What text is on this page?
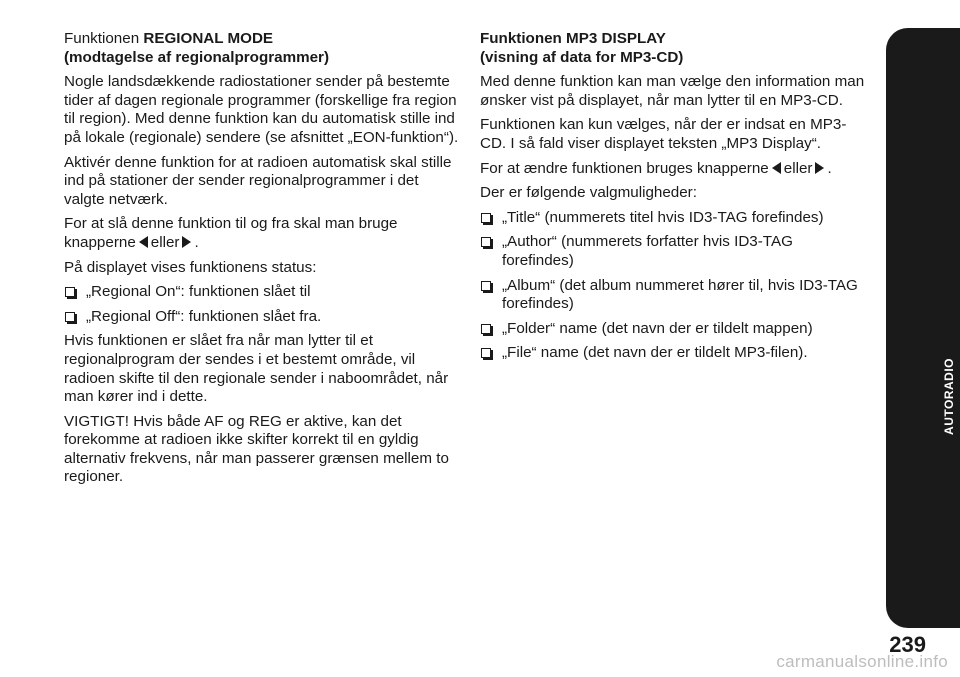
Funktionen REGIONAL MODE
(modtagelse af regionalprogrammer)

Nogle landsdækkende radiostationer sender på bestemte tider af dagen regionale programmer (forskellige fra region til region). Med denne funktion kan du automatisk stille ind på lokale (regionale) sendere (se afsnittet „EON-funktion“).

Aktivér denne funktion for at radioen automatisk skal stille ind på stationer der sender regionalprogrammer i det valgte netværk.

For at slå denne funktion til og fra skal man bruge knapperne eller .

På displayet vises funktionens status:

„Regional On“: funktionen slået til
„Regional Off“: funktionen slået fra.

Hvis funktionen er slået fra når man lytter til et regionalprogram der sendes i et bestemt område, vil radioen skifte til den regionale sender i naboområdet, når man kører ind i dette.

VIGTIGT! Hvis både AF og REG er aktive, kan det forekomme at radioen ikke skifter korrekt til en gyldig alternativ frekvens, når man passerer grænsen mellem to regioner.

Funktionen MP3 DISPLAY
(visning af data for MP3-CD)

Med denne funktion kan man vælge den information man ønsker vist på displayet, når man lytter til en MP3-CD.

Funktionen kan kun vælges, når der er indsat en MP3-CD. I så fald viser displayet teksten „MP3 Display“.

For at ændre funktionen bruges knapperne eller .

Der er følgende valgmuligheder:

„Title“ (nummerets titel hvis ID3-TAG forefindes)
„Author“ (nummerets forfatter hvis ID3-TAG forefindes)
„Album“ (det album nummeret hører til, hvis ID3-TAG forefindes)
„Folder“ name (det navn der er tildelt mappen)
„File“ name (det navn der er tildelt MP3-filen).
AUTORADIO
239
carmanualsonline.info
